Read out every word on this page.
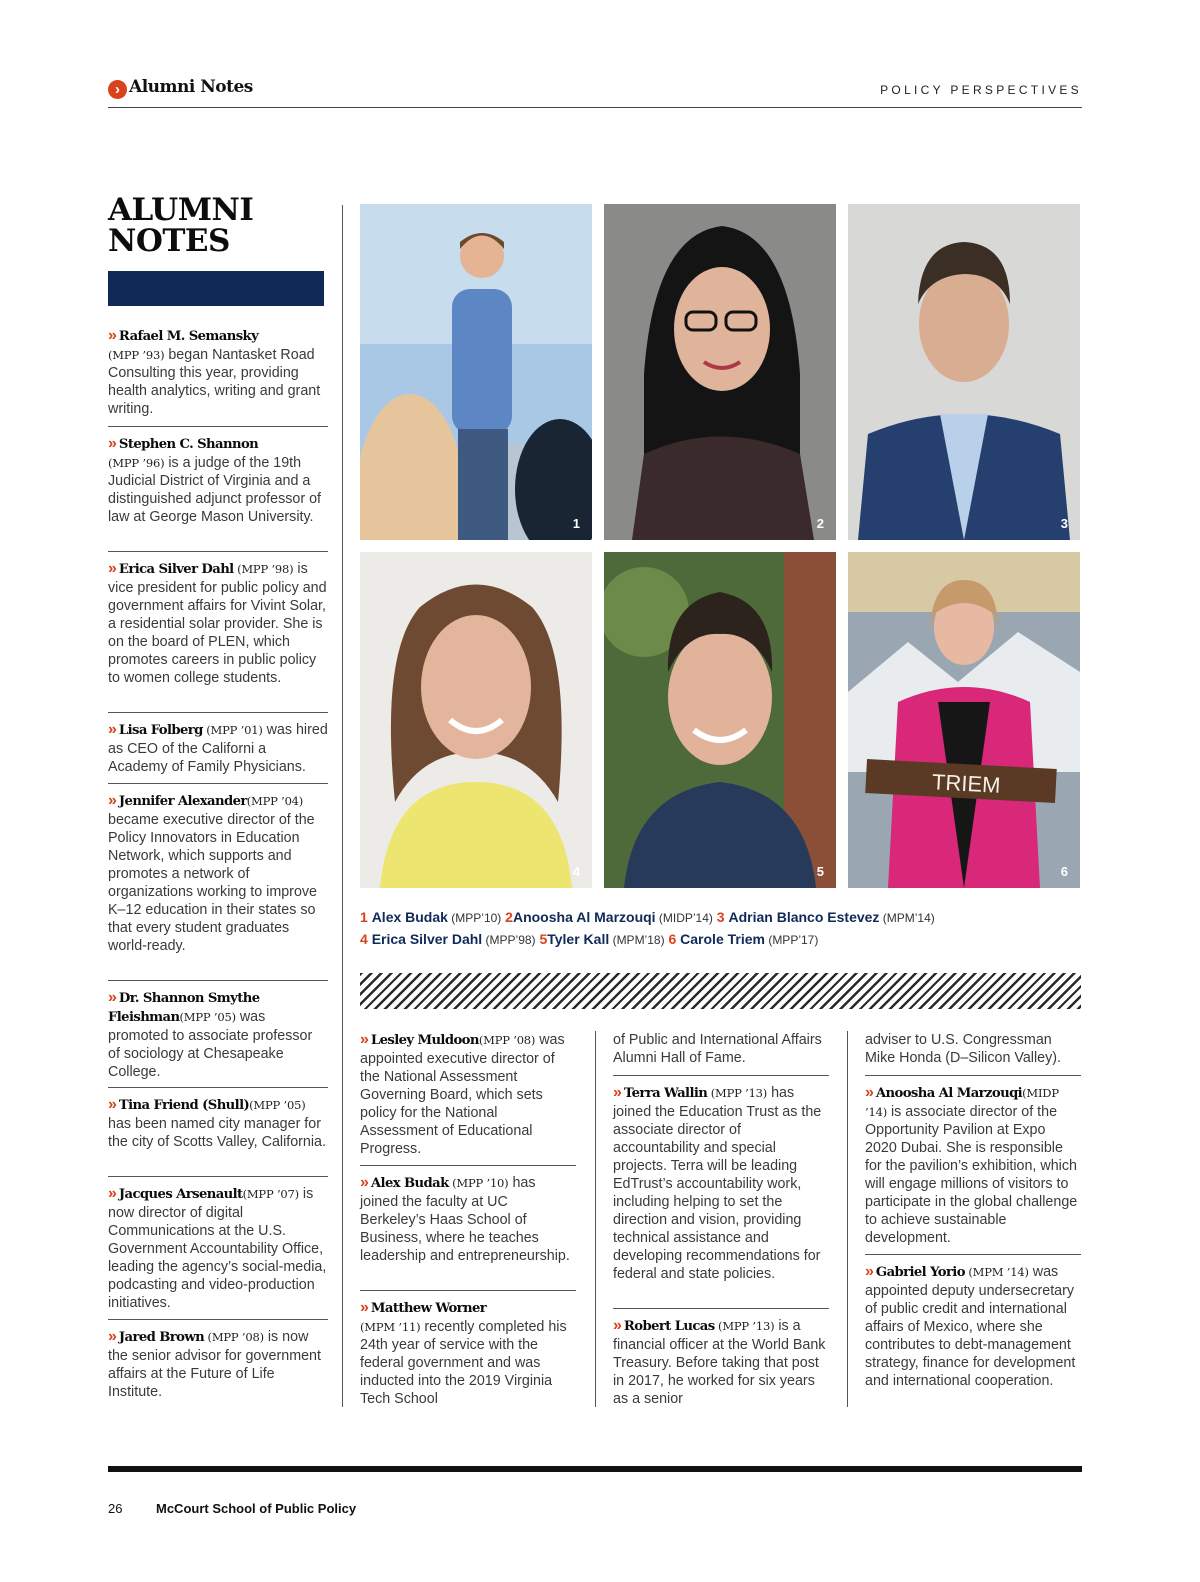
› Alumni Notes	POLICY PERSPECTIVES
ALUMNI
NOTES
» Rafael M. Semansky
(MPP ’93) began Nantasket Road Consulting this year, providing health analytics, writing and grant writing.
» Stephen C. Shannon
(MPP ’96) is a judge of the 19th Judicial District of Virginia and a distinguished adjunct professor of law at George Mason University.
» Erica Silver Dahl (MPP ’98) is vice president for public policy and government affairs for Vivint Solar, a residential solar provider. She is on the board of PLEN, which promotes careers in public policy to women college students.
» Lisa Folberg (MPP ’01) was hired as CEO of the Californi a Academy of Family Physicians.
» Jennifer Alexander(MPP ’04) became executive director of the Policy Innovators in Education Network, which supports and promotes a network of organizations working to improve K–12 education in their states so that every student graduates world-ready.
» Dr. Shannon Smythe Fleishman(MPP ’05) was promoted to associate professor of sociology at Chesapeake College.
» Tina Friend (Shull)(MPP ’05) has been named city manager for the city of Scotts Valley, California.
» Jacques Arsenault(MPP ’07) is now director of digital Communications at the U.S. Government Accountability Office, leading the agency’s social-media, podcasting and video-production initiatives.
» Jared Brown (MPP ’08) is now the senior advisor for government affairs at the Future of Life Institute.
1	2	3
4	5
TRIEM
6
1 Alex Budak (MPP’10) 2Anoosha Al Marzouqi (MIDP’14) 3 Adrian Blanco Estevez (MPM’14)
4 Erica Silver Dahl (MPP’98) 5Tyler Kall (MPM’18) 6 Carole Triem (MPP’17)
» Lesley Muldoon(MPP ’08) was appointed executive director of the National Assessment Governing Board, which sets policy for the National Assessment of Educational Progress.
» Alex Budak (MPP ’10) has joined the faculty at UC Berkeley’s Haas School of Business, where he teaches leadership and entrepreneurship.
» Matthew Worner
(MPM ’11) recently completed his 24th year of service with the federal government and was inducted into the 2019 Virginia Tech School
of Public and International Affairs Alumni Hall of Fame.
» Terra Wallin (MPP ’13) has joined the Education Trust as the associate director of accountability and special projects. Terra will be leading EdTrust’s accountability work, including helping to set the direction and vision, providing technical assistance and developing recommendations for federal and state policies.
» Robert Lucas (MPP ’13) is a financial officer at the World Bank Treasury. Before taking that post in 2017, he worked for six years as a senior
adviser to U.S. Congressman Mike Honda (D–Silicon Valley).
» Anoosha Al Marzouqi(MIDP ’14) is associate director of the Opportunity Pavilion at Expo 2020 Dubai. She is responsible for the pavilion’s exhibition, which will engage millions of visitors to participate in the global challenge to achieve sustainable development.
» Gabriel Yorio (MPM ’14) was appointed deputy undersecretary of public credit and international affairs of Mexico, where she contributes to debt-management strategy, finance for development and international cooperation.
26	McCourt School of Public Policy
